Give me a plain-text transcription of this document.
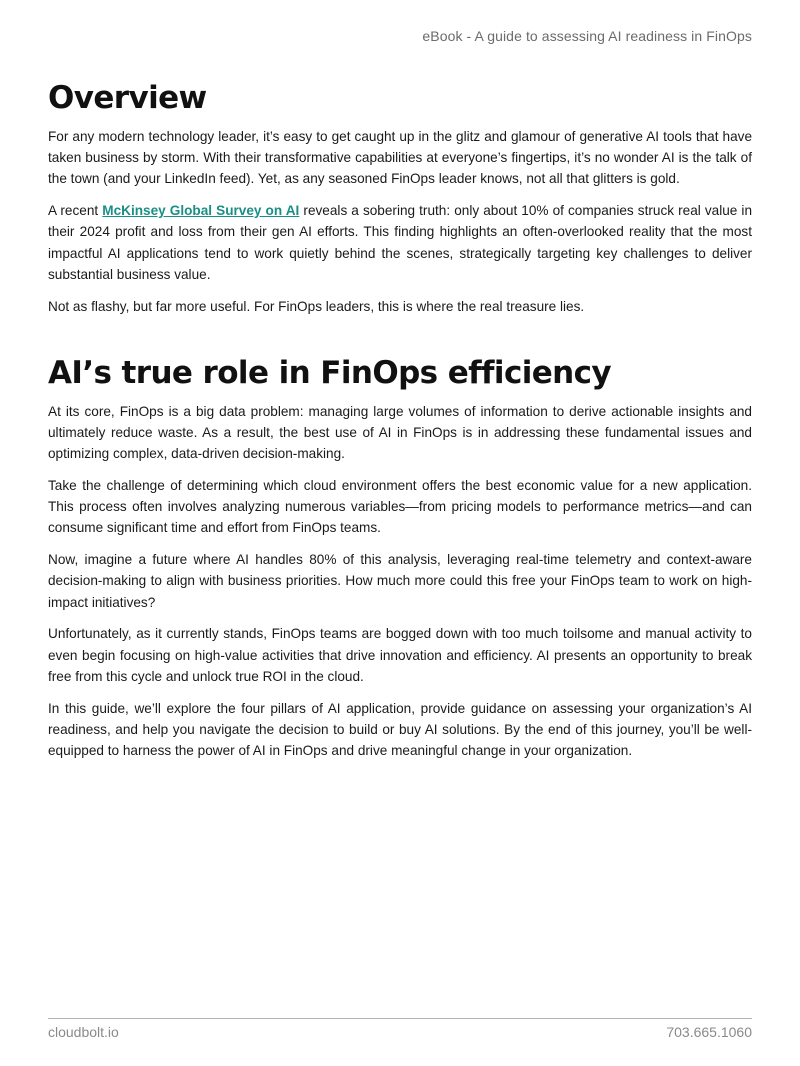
eBook - A guide to assessing AI readiness in FinOps
Overview

For any modern technology leader, it’s easy to get caught up in the glitz and glamour of generative AI tools that have taken business by storm. With their transformative capabilities at everyone’s fingertips, it’s no wonder AI is the talk of the town (and your LinkedIn feed). Yet, as any seasoned FinOps leader knows, not all that glitters is gold.

A recent McKinsey Global Survey on AI reveals a sobering truth: only about 10% of companies struck real value in their 2024 profit and loss from their gen AI efforts. This finding highlights an often-overlooked reality that the most impactful AI applications tend to work quietly behind the scenes, strategically targeting key challenges to deliver substantial business value.

Not as flashy, but far more useful. For FinOps leaders, this is where the real treasure lies.

AI’s true role in FinOps efficiency

At its core, FinOps is a big data problem: managing large volumes of information to derive actionable insights and ultimately reduce waste. As a result, the best use of AI in FinOps is in addressing these fundamental issues and optimizing complex, data-driven decision-making.

Take the challenge of determining which cloud environment offers the best economic value for a new application. This process often involves analyzing numerous variables—from pricing models to performance metrics—and can consume significant time and effort from FinOps teams.

Now, imagine a future where AI handles 80% of this analysis, leveraging real-time telemetry and context-aware decision-making to align with business priorities. How much more could this free your FinOps team to work on high-impact initiatives?

Unfortunately, as it currently stands, FinOps teams are bogged down with too much toilsome and manual activity to even begin focusing on high-value activities that drive innovation and efficiency. AI presents an opportunity to break free from this cycle and unlock true ROI in the cloud.

In this guide, we’ll explore the four pillars of AI application, provide guidance on assessing your organization’s AI readiness, and help you navigate the decision to build or buy AI solutions. By the end of this journey, you’ll be well-equipped to harness the power of AI in FinOps and drive meaningful change in your organization.

cloudbolt.io	703.665.1060
